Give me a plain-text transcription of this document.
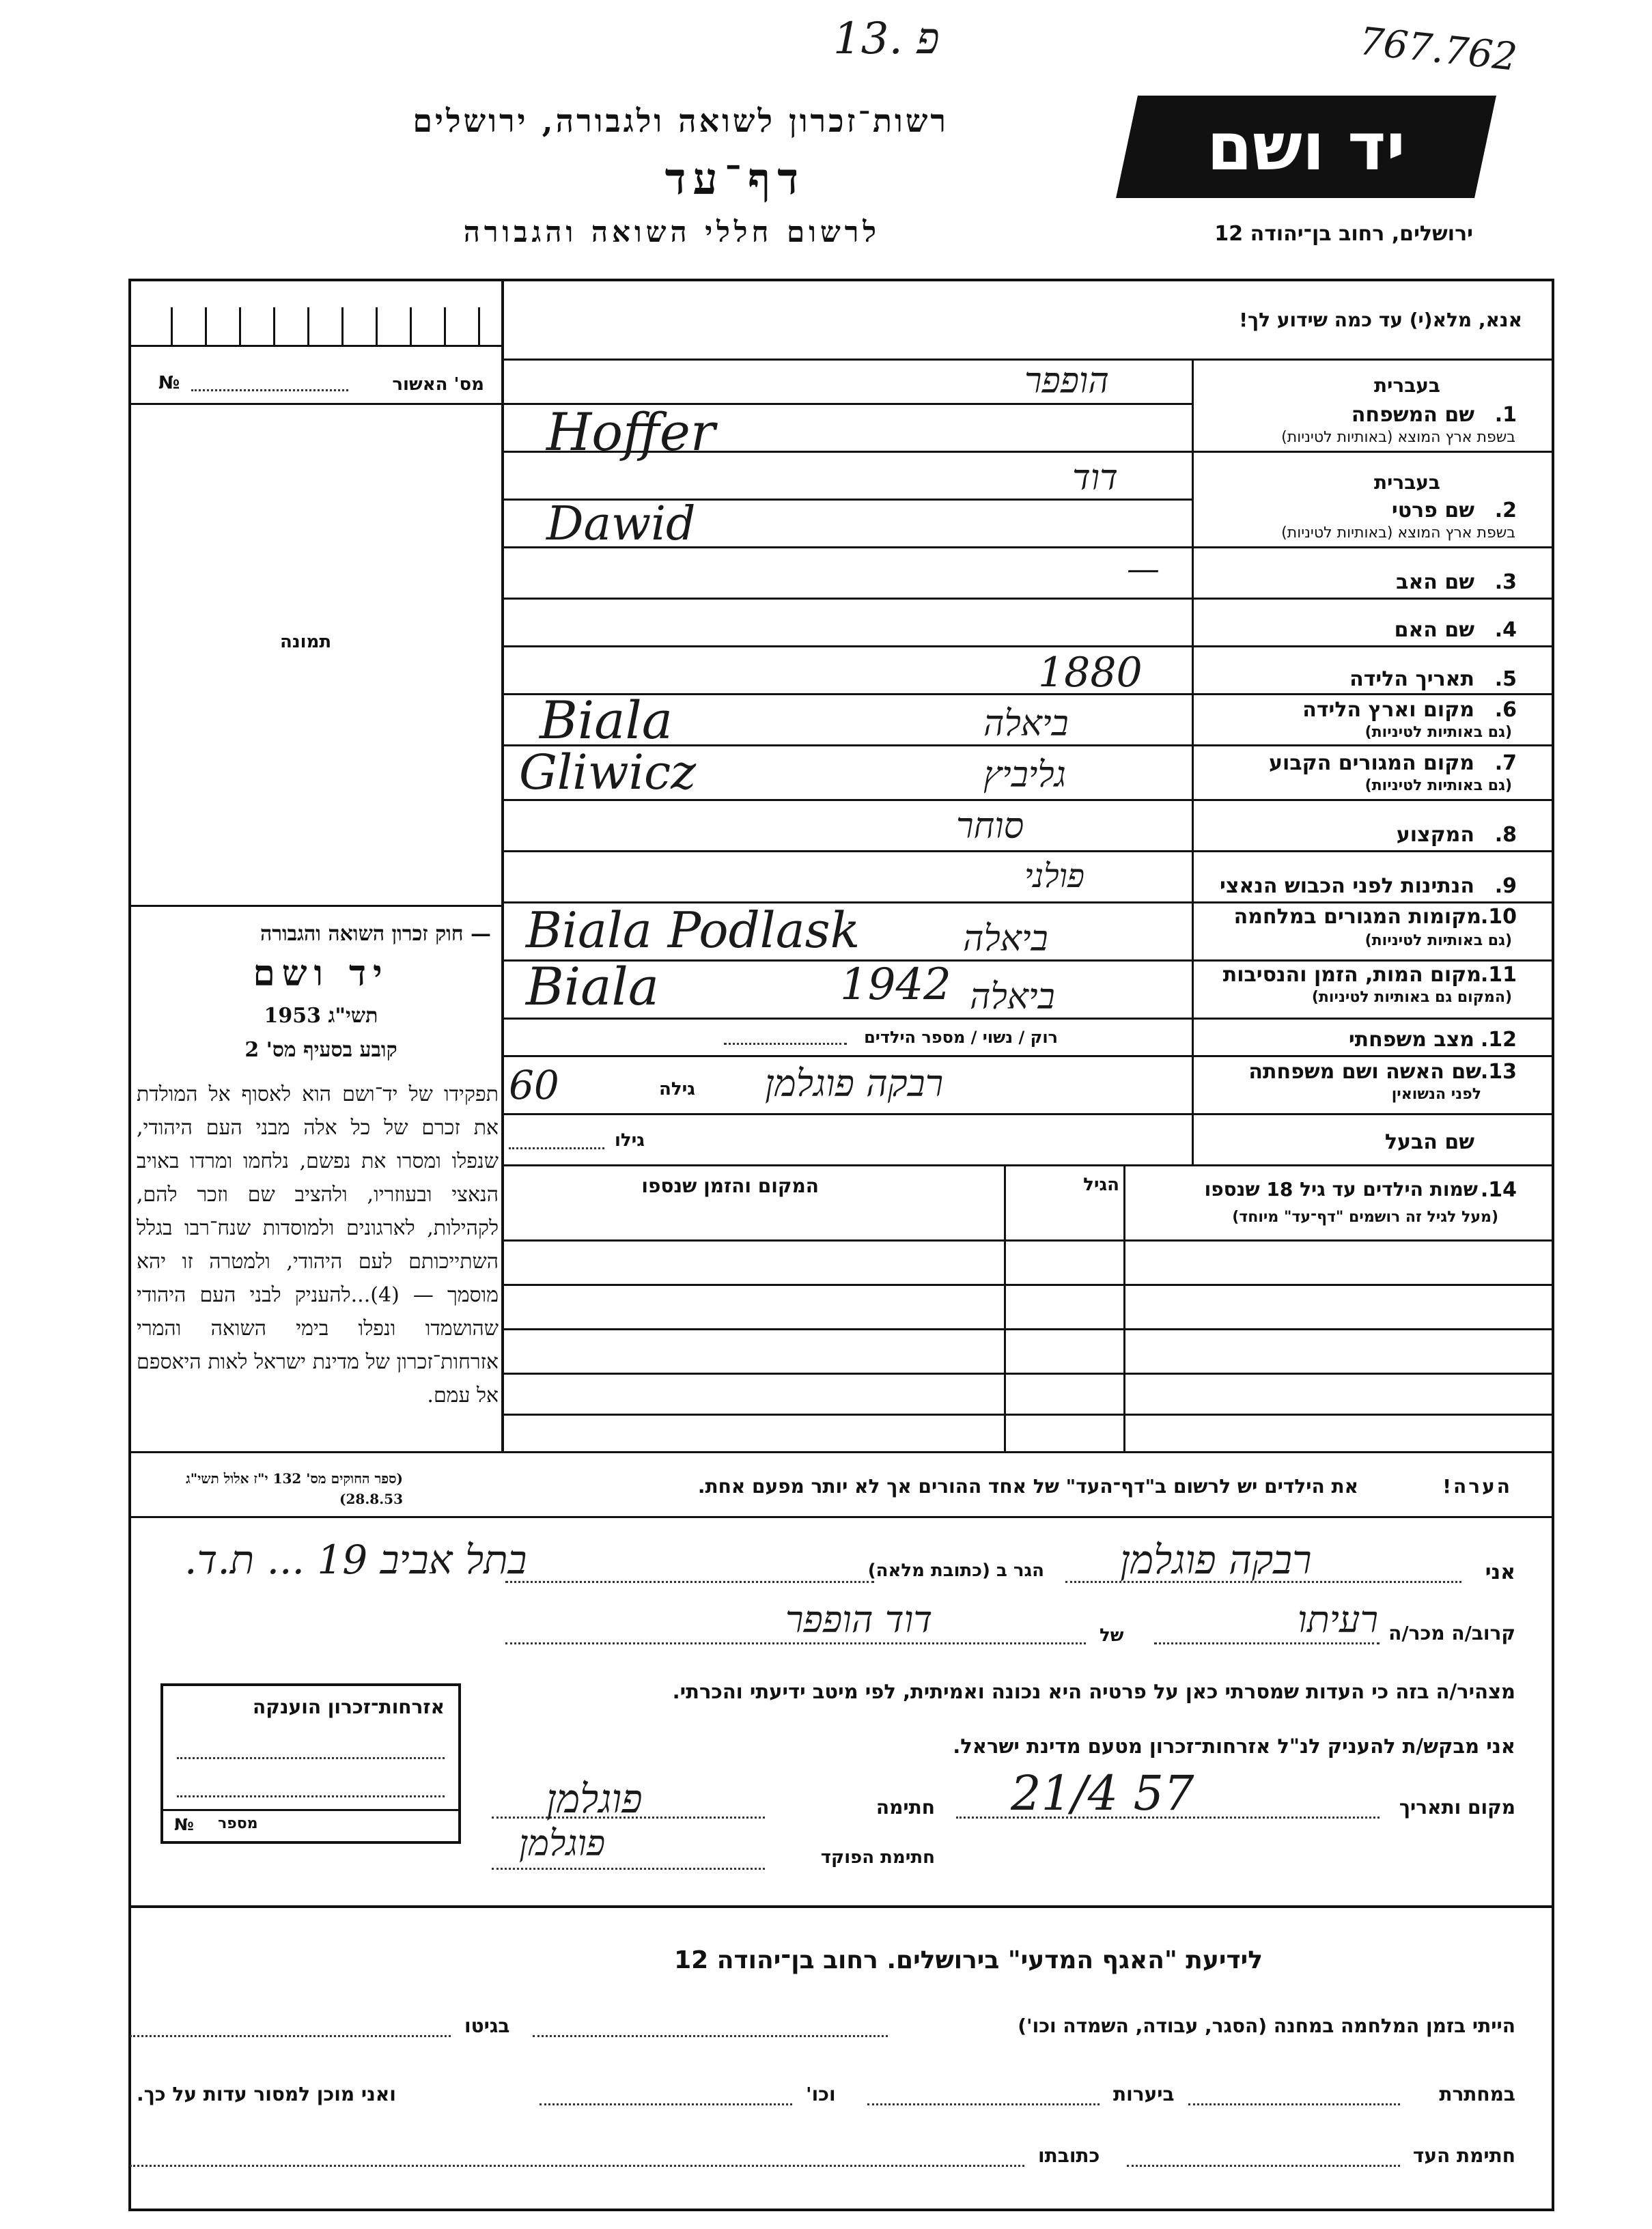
13. פ	767.762
רשות־זכרון לשואה ולגבורה, ירושלים
דף־עד
לרשום חללי השואה והגבורה
יד ושם
ירושלים, רחוב בן־יהודה 12
מס' האשור
№
תמונה
— חוק זכרון השואה והגבורה
יד ושם
תשי"ג 1953
קובע בסעיף מס' 2
תפקידו של יד־ושם הוא לאסוף אל המולדת את זכרם של כל אלה מבני העם היהודי, שנפלו ומסרו את נפשם, נלחמו ומרדו באויב הנאצי ובעוזריו, ולהציב שם וזכר להם, לקהילות, לארגונים ולמוסדות שנח־רבו בגלל השתייכותם לעם היהודי, ולמטרה זו יהא מוסמך — (4)...להעניק לבני העם היהודי שהושמדו ונפלו בימי השואה והמרי אזרחות־זכרון של מדינת ישראל לאות היאספם אל עמם.
(ספר החוקים מס' 132 י"ז אלול תשי"ג 28.8.53)
אנא, מלא(י) עד כמה שידוע לך!
בעברית
שם המשפחה 1.
בשפת ארץ המוצא (באותיות לטיניות)
הופפר
Hoffer
בעברית
שם פרטי 2.
בשפת ארץ המוצא (באותיות לטיניות)
דוד
Dawid
שם האב 3.
—
שם האם 4.
תאריך הלידה 5.
1880
מקום וארץ הלידה 6.
(גם באותיות לטיניות)
ביאלה
Biala
מקום המגורים הקבוע 7.
(גם באותיות לטיניות)
גליביץ
Gliwicz
המקצוע 8.
סוחר
הנתינות לפני הכבוש הנאצי 9.
פולני
מקומות המגורים במלחמה
10.
(גם באותיות לטיניות)
ביאלה
Biala Podlask
מקום המות, הזמן והנסיבות
11.
(המקום גם באותיות לטיניות)
ביאלה
1942
Biala
מצב משפחתי 12.
רוק / נשוי / מספר הילדים
שם האשה ושם משפחתה
13.
לפני הנשואין
רבקה פוגלמן
גילה
60
שם הבעל
גילו
14.
שמות הילדים עד גיל 18 שנספו
(מעל לגיל זה רושמים "דף־עד" מיוחד)
הגיל
המקום והזמן שנספו
הערה!
את הילדים יש לרשום ב"דף־העד" של אחד ההורים אך לא יותר מפעם אחת.
אני
רבקה פוגלמן
הגר ב (כתובת מלאה)
בתל אביב 19 ... ת.ד.
קרוב/ה מכר/ה
רעיתו
של
דוד הופפר
מצהיר/ה בזה כי העדות שמסרתי כאן על פרטיה היא נכונה ואמיתית, לפי מיטב ידיעתי והכרתי.
אני מבקש/ת להעניק לנ"ל אזרחות־זכרון מטעם מדינת ישראל.
מקום ותאריך
21/4 57
חתימה
פוגלמן
חתימת הפוקד
פוגלמן
אזרחות־זכרון הוענקה
№ מספר
לידיעת "האגף המדעי" בירושלים. רחוב בן־יהודה 12
הייתי בזמן המלחמה במחנה (הסגר, עבודה, השמדה וכו')
בגיטו
במחתרת
ביערות
וכו'
ואני מוכן למסור עדות על כך.
חתימת העד
כתובתו
